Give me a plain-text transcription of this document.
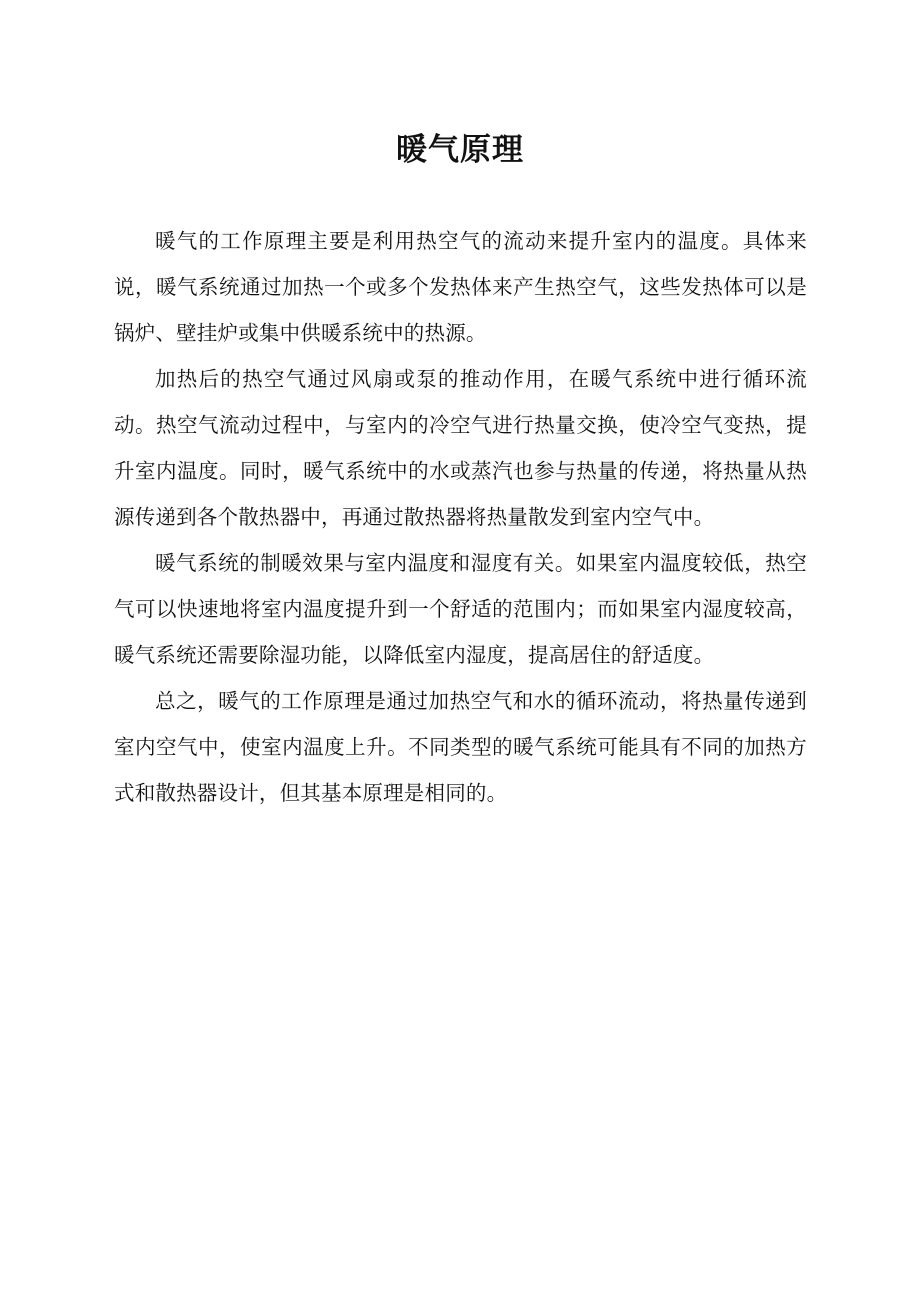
暖气原理

暖气的工作原理主要是利用热空气的流动来提升室内的温度。具体来说，暖气系统通过加热一个或多个发热体来产生热空气，这些发热体可以是锅炉、壁挂炉或集中供暖系统中的热源。

加热后的热空气通过风扇或泵的推动作用，在暖气系统中进行循环流动。热空气流动过程中，与室内的冷空气进行热量交换，使冷空气变热，提升室内温度。同时，暖气系统中的水或蒸汽也参与热量的传递，将热量从热源传递到各个散热器中，再通过散热器将热量散发到室内空气中。

暖气系统的制暖效果与室内温度和湿度有关。如果室内温度较低，热空气可以快速地将室内温度提升到一个舒适的范围内；而如果室内湿度较高，暖气系统还需要除湿功能，以降低室内湿度，提高居住的舒适度。

总之，暖气的工作原理是通过加热空气和水的循环流动，将热量传递到室内空气中，使室内温度上升。不同类型的暖气系统可能具有不同的加热方式和散热器设计，但其基本原理是相同的。
